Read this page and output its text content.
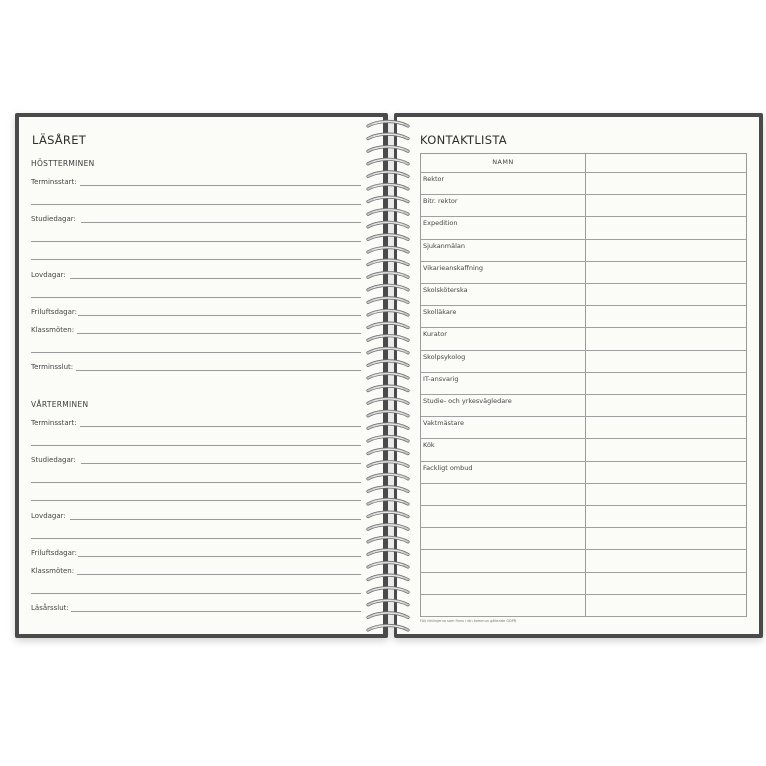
LÄSÅRET
HÖSTTERMINEN
Terminsstart:
Studiedagar:
Lovdagar:
Friluftsdagar:
Klassmöten:
Terminsslut:
VÅRTERMINEN
Terminsstart:
Studiedagar:
Lovdagar:
Friluftsdagar:
Klassmöten:
Läsårsslut:
KONTAKTLISTA
NAMN
Rektor
Bitr. rektor
Expedition
Sjukanmälan
Vikarieanskaffning
Skolsköterska
Skolläkare
Kurator
Skolpsykolog
IT-ansvarig
Studie- och yrkesvägledare
Vaktmästare
Kök
Fackligt ombud
Följ riktlinjerna som finns i din kommun gällande GDPR.
